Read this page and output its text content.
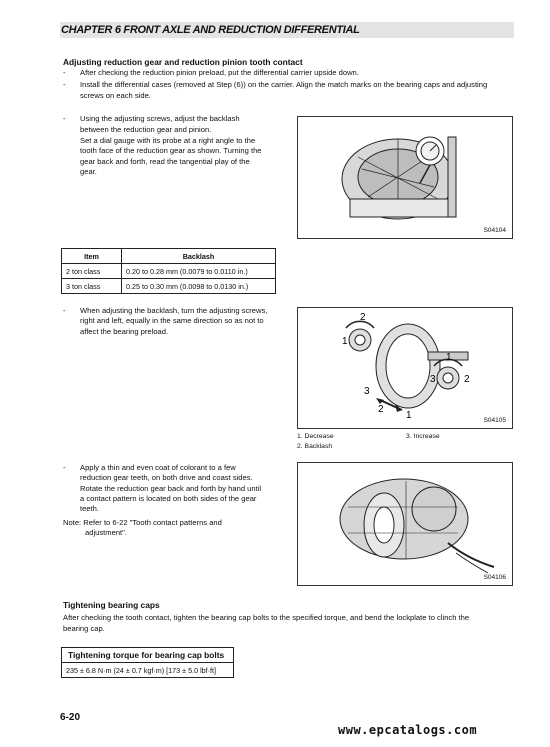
CHAPTER 6 FRONT AXLE AND REDUCTION DIFFERENTIAL
Adjusting reduction gear and reduction pinion tooth contact
- After checking the reduction pinion preload, put the differential carrier upside down.
- Install the differential cases (removed at Step (6)) on the carrier. Align the match marks on the bearing caps and adjusting
screws on each side.
- Using the adjusting screws, adjust the backlash
between the reduction gear and pinion.
Set a dial gauge with its probe at a right angle to the
tooth face of the reduction gear as shown. Turning the
gear back and forth, read the tangential play of the
gear.
S04104
Item	Backlash
2 ton class	0.20 to 0.28 mm (0.0079 to 0.0110 in.)
3 ton class	0.25 to 0.30 mm (0.0098 to 0.0130 in.)
- When adjusting the backlash, turn the adjusting screws,
right and left, equally in the same direction so as not to
affect the bearing preload.
2
1
3
2
1
3
1
2
S04105
1. Decrease	3. Increase
2. Backlash
- Apply a thin and even coat of colorant to a few
reduction gear teeth, on both drive and coast sides.
Rotate the reduction gear back and forth by hand until
a contact pattern is located on both sides of the gear
teeth.
Note: Refer to 6-22 "Tooth contact patterns and
adjustment".
S04106
Tightening bearing caps
After checking the tooth contact, tighten the bearing cap bolts to the specified torque, and bend the lockplate to clinch the
bearing cap.
Tightening torque for bearing cap bolts
235 ± 6.8 N·m (24 ± 0.7 kgf·m) [173 ± 5.0 lbf·ft]
6-20
www.epcatalogs.com
